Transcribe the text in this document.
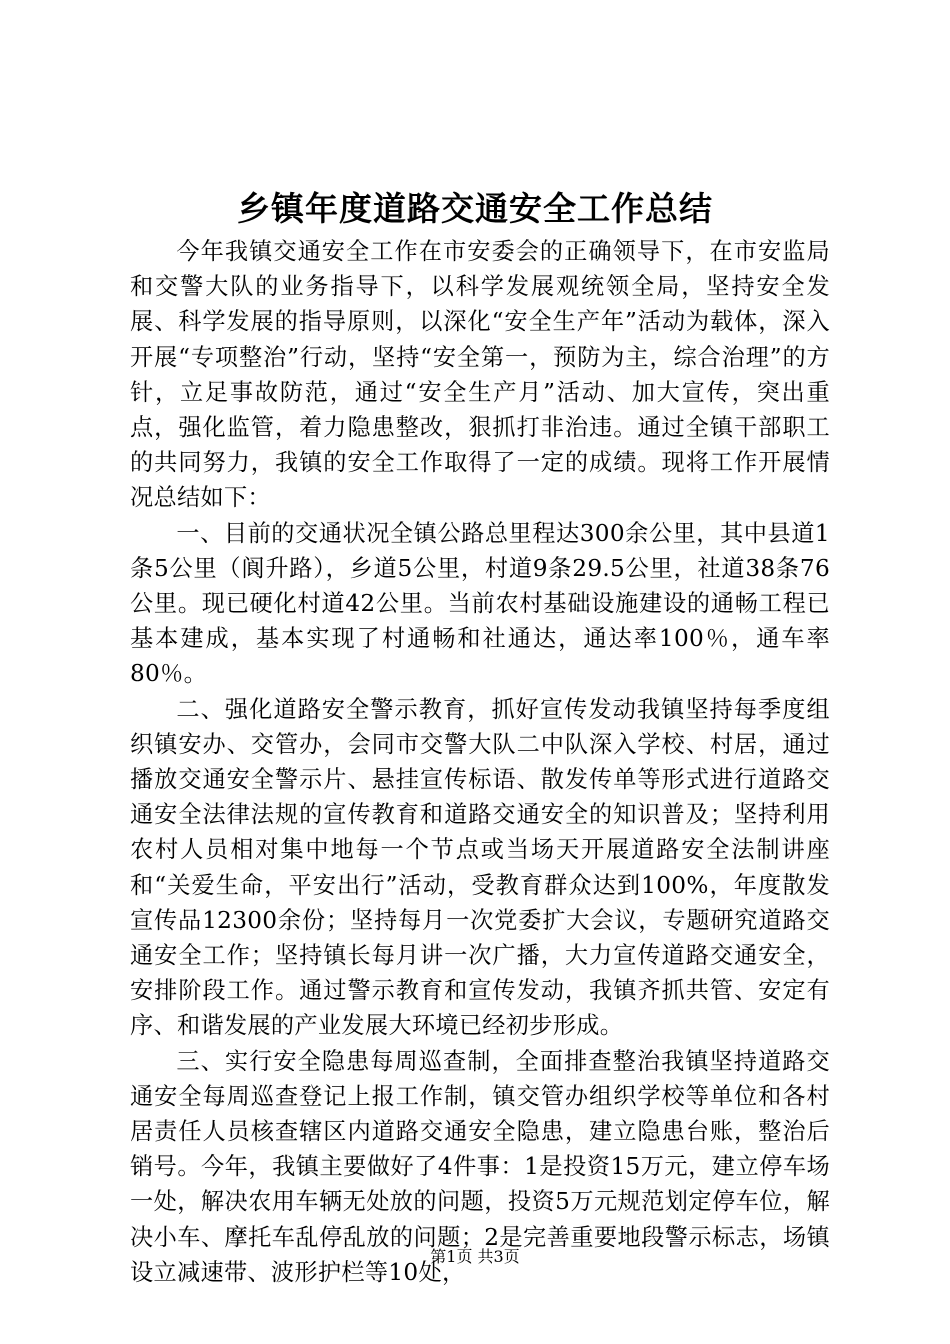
乡镇年度道路交通安全工作总结

今年我镇交通安全工作在市安委会的正确领导下，在市安监局和交警大队的业务指导下，以科学发展观统领全局，坚持安全发展、科学发展的指导原则，以深化“安全生产年”活动为载体，深入开展“专项整治”行动，坚持“安全第一，预防为主，综合治理”的方针，立足事故防范，通过“安全生产月”活动、加大宣传，突出重点，强化监管，着力隐患整改，狠抓打非治违。通过全镇干部职工的共同努力，我镇的安全工作取得了一定的成绩。现将工作开展情况总结如下：

一、目前的交通状况全镇公路总里程达300余公里，其中县道1条5公里（阆升路），乡道5公里，村道9条29.5公里，社道38条76公里。现已硬化村道42公里。当前农村基础设施建设的通畅工程已基本建成，基本实现了村通畅和社通达，通达率100％，通车率80％。

二、强化道路安全警示教育，抓好宣传发动我镇坚持每季度组织镇安办、交管办，会同市交警大队二中队深入学校、村居，通过播放交通安全警示片、悬挂宣传标语、散发传单等形式进行道路交通安全法律法规的宣传教育和道路交通安全的知识普及；坚持利用农村人员相对集中地每一个节点或当场天开展道路安全法制讲座和“关爱生命，平安出行”活动，受教育群众达到100%，年度散发宣传品12300余份；坚持每月一次党委扩大会议，专题研究道路交通安全工作；坚持镇长每月讲一次广播，大力宣传道路交通安全，安排阶段工作。通过警示教育和宣传发动，我镇齐抓共管、安定有序、和谐发展的产业发展大环境已经初步形成。

三、实行安全隐患每周巡查制，全面排查整治我镇坚持道路交通安全每周巡查登记上报工作制，镇交管办组织学校等单位和各村居责任人员核查辖区内道路交通安全隐患，建立隐患台账，整治后销号。今年，我镇主要做好了4件事：1是投资15万元，建立停车场一处，解决农用车辆无处放的问题，投资5万元规范划定停车位，解决小车、摩托车乱停乱放的问题；2是完善重要地段警示标志，场镇设立减速带、波形护栏等10处，

第1页 共3页
